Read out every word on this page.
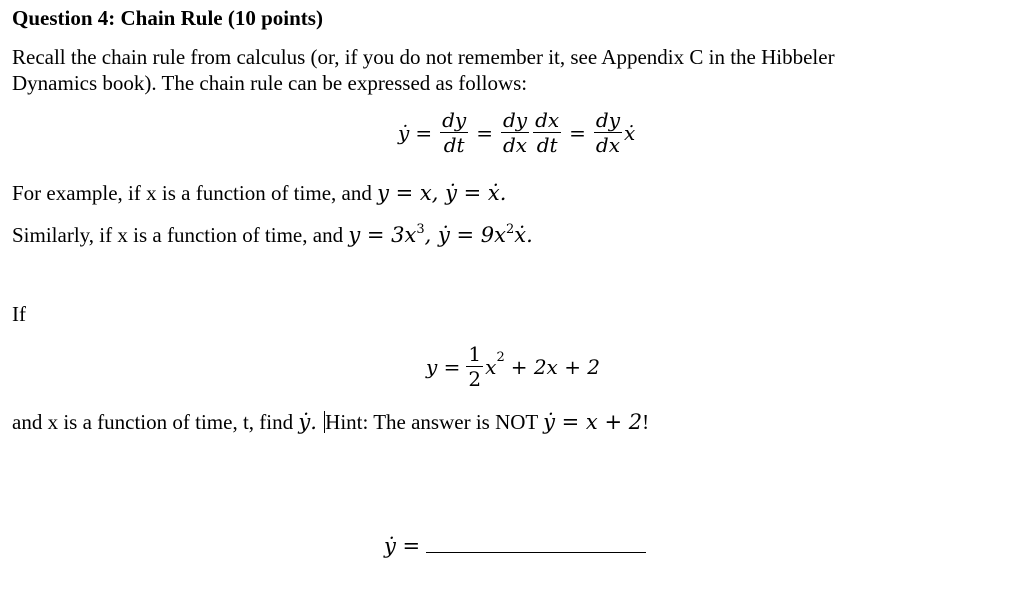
Question 4: Chain Rule (10 points)
Recall the chain rule from calculus (or, if you do not remember it, see Appendix C in the Hibbeler
Dynamics book). The chain rule can be expressed as follows:
ẏ = $\frac{dy}{dt} = \frac{dy}{dx} \frac{dx}{dt} = \frac{dy}{dx}$ ẋ
For example, if x is a function of time, and y = x, ẏ = ẋ.
Similarly, if x is a function of time, and $y = 3x^3$, ẏ = $9x^2ẋ$.
If
$y = \frac{1}{2}$ x 2 + 2x + 2
and x is a function of time, t, find ẏ. Hint: The answer is NOT ẏ = x + 2!
ẏ =
